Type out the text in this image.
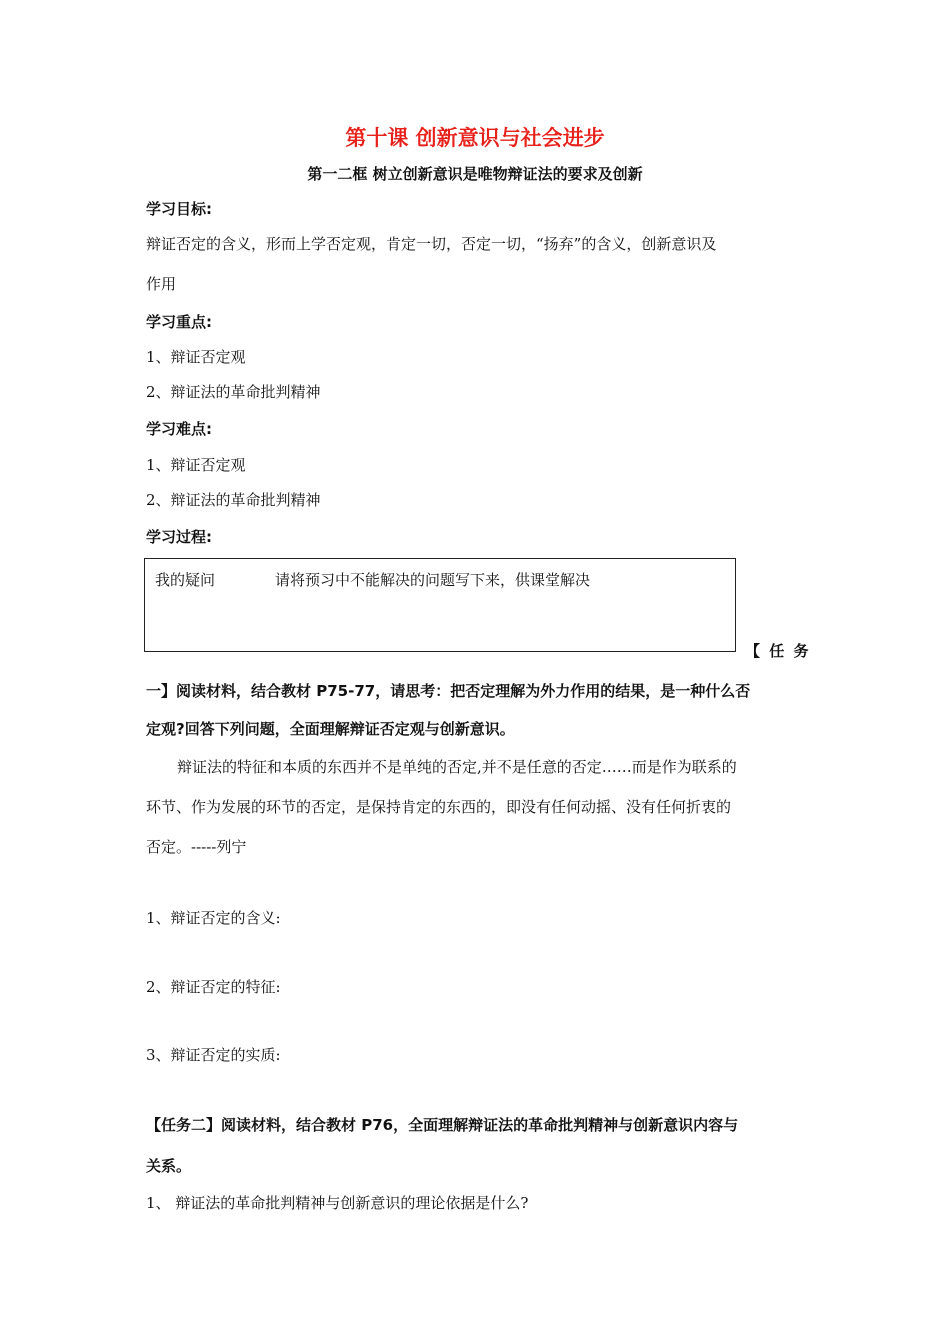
第十课 创新意识与社会进步
第一二框 树立创新意识是唯物辩证法的要求及创新
学习目标:
辩证否定的含义，形而上学否定观，肯定一切，否定一切，“扬弃”的含义，创新意识及
作用
学习重点:
1、辩证否定观
2、辩证法的革命批判精神
学习难点:
1、辩证否定观
2、辩证法的革命批判精神
学习过程:
我的疑问	请将预习中不能解决的问题写下来，供课堂解决
【 任 务
一】阅读材料，结合教材 P75-77，请思考：把否定理解为外力作用的结果，是一种什么否
定观?回答下列问题，全面理解辩证否定观与创新意识。
辩证法的特征和本质的东西并不是单纯的否定,并不是任意的否定……而是作为联系的
环节、作为发展的环节的否定，是保持肯定的东西的，即没有任何动摇、没有任何折衷的
否定。-----列宁
1、辩证否定的含义:
2、辩证否定的特征:
3、辩证否定的实质:
【任务二】阅读材料，结合教材 P76，全面理解辩证法的革命批判精神与创新意识内容与
关系。
1、 辩证法的革命批判精神与创新意识的理论依据是什么?
